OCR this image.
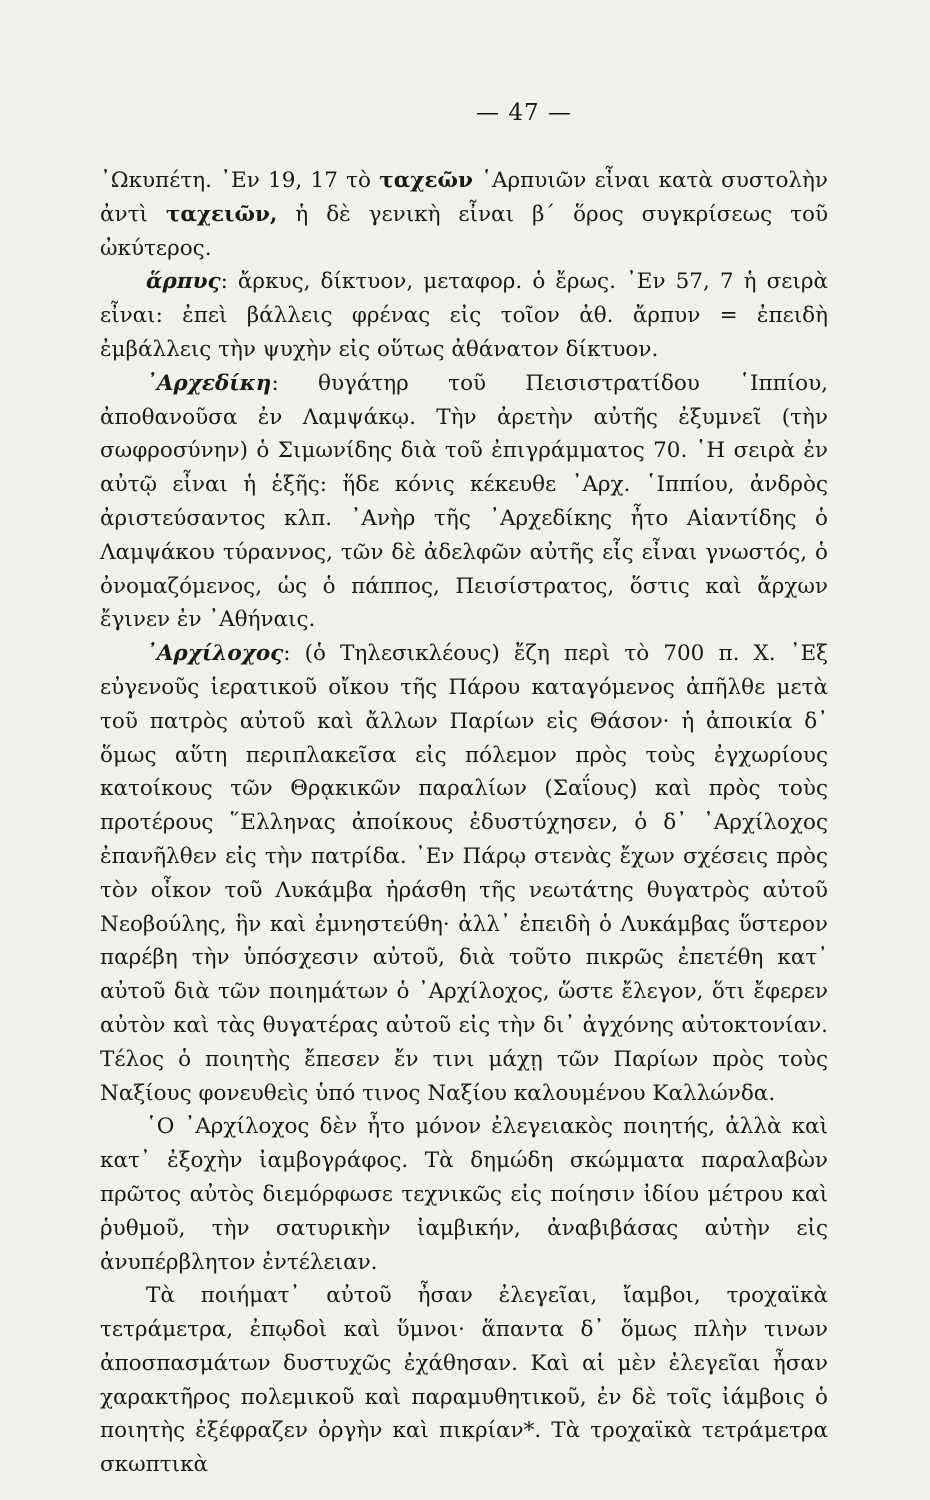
— 47 —

᾿Ωκυπέτη. ᾿Εν 19, 17 τὸ ταχεῶν ῾Αρπυιῶν εἶναι κατὰ συστολὴν ἀντὶ ταχειῶν, ἡ δὲ γενικὴ εἶναι β΄ ὅρος συγκρίσεως τοῦ ὠκύτερος.

ἅρπυς: ἄρκυς, δίκτυον, μεταφορ. ὁ ἔρως. ᾿Εν 57, 7 ἡ σειρὰ εἶναι: ἐπεὶ βάλλεις φρένας εἰς τοῖον ἀθ. ἄρπυν = ἐπειδὴ ἐμβάλλεις τὴν ψυχὴν εἰς οὕτως ἀθάνατον δίκτυον.

᾿Αρχεδίκη: θυγάτηρ τοῦ Πεισιστρατίδου ῾Ιππίου, ἀποθανοῦσα ἐν Λαμψάκῳ. Τὴν ἀρετὴν αὐτῆς ἐξυμνεῖ (τὴν σωφροσύνην) ὁ Σιμωνίδης διὰ τοῦ ἐπιγράμματος 70. ῾Η σειρὰ ἐν αὐτῷ εἶναι ἡ ἑξῆς: ἥδε κόνις κέκευθε ᾿Αρχ. ῾Ιππίου, ἀνδρὸς ἀριστεύσαντος κλπ. ᾿Ανὴρ τῆς ᾿Αρχεδίκης ἦτο Αἰαντίδης ὁ Λαμψάκου τύραννος, τῶν δὲ ἀδελφῶν αὐτῆς εἷς εἶναι γνωστός, ὁ ὀνομαζόμενος, ὡς ὁ πάππος, Πεισίστρατος, ὅστις καὶ ἄρχων ἔγινεν ἐν ᾿Αθήναις.

᾿Αρχίλοχος: (ὁ Τηλεσικλέους) ἔζη περὶ τὸ 700 π. Χ. ᾿Εξ εὐγενοῦς ἱερατικοῦ οἴκου τῆς Πάρου καταγόμενος ἀπῆλθε μετὰ τοῦ πατρὸς αὐτοῦ καὶ ἄλλων Παρίων εἰς Θάσον· ἡ ἀποικία δ᾿ ὅμως αὕτη περιπλακεῖσα εἰς πόλεμον πρὸς τοὺς ἐγχωρίους κατοίκους τῶν Θρᾳκικῶν παραλίων (Σαΐους) καὶ πρὸς τοὺς προτέρους ῞Ελληνας ἀποίκους ἐδυστύχησεν, ὁ δ᾿ ᾿Αρχίλοχος ἐπανῆλθεν εἰς τὴν πατρίδα. ᾿Εν Πάρῳ στενὰς ἔχων σχέσεις πρὸς τὸν οἶκον τοῦ Λυκάμβα ἠράσθη τῆς νεωτάτης θυγατρὸς αὐτοῦ Νεοβούλης, ἣν καὶ ἐμνηστεύθη· ἀλλ᾿ ἐπειδὴ ὁ Λυκάμβας ὕστερον παρέβη τὴν ὑπόσχεσιν αὐτοῦ, διὰ τοῦτο πικρῶς ἐπετέθη κατ᾿ αὐτοῦ διὰ τῶν ποιημάτων ὁ ᾿Αρχίλοχος, ὥστε ἔλεγον, ὅτι ἔφερεν αὐτὸν καὶ τὰς θυγατέρας αὐτοῦ εἰς τὴν δι᾿ ἀγχόνης αὐτοκτονίαν. Τέλος ὁ ποιητὴς ἔπεσεν ἔν τινι μάχῃ τῶν Παρίων πρὸς τοὺς Ναξίους φονευθεὶς ὑπό τινος Ναξίου καλουμένου Καλλώνδα.

῾Ο ᾿Αρχίλοχος δὲν ἦτο μόνον ἐλεγειακὸς ποιητής, ἀλλὰ καὶ κατ᾿ ἐξοχὴν ἰαμβογράφος. Τὰ δημώδη σκώμματα παραλαβὼν πρῶτος αὐτὸς διεμόρφωσε τεχνικῶς εἰς ποίησιν ἰδίου μέτρου καὶ ῥυθμοῦ, τὴν σατυρικὴν ἰαμβικήν, ἀναβιβάσας αὐτὴν εἰς ἀνυπέρβλητον ἐντέλειαν.

Τὰ ποιήματ᾿ αὐτοῦ ἦσαν ἐλεγεῖαι, ἴαμβοι, τροχαϊκὰ τετράμετρα, ἐπῳδοὶ καὶ ὕμνοι· ἅπαντα δ᾿ ὅμως πλὴν τινων ἀποσπασμάτων δυστυχῶς ἐχάθησαν. Καὶ αἱ μὲν ἐλεγεῖαι ἦσαν χαρακτῆρος πολεμικοῦ καὶ παραμυθητικοῦ, ἐν δὲ τοῖς ἰάμβοις ὁ ποιητὴς ἐξέφραζεν ὀργὴν καὶ πικρίαν*. Τὰ τροχαϊκὰ τετράμετρα σκωπτικὰ
